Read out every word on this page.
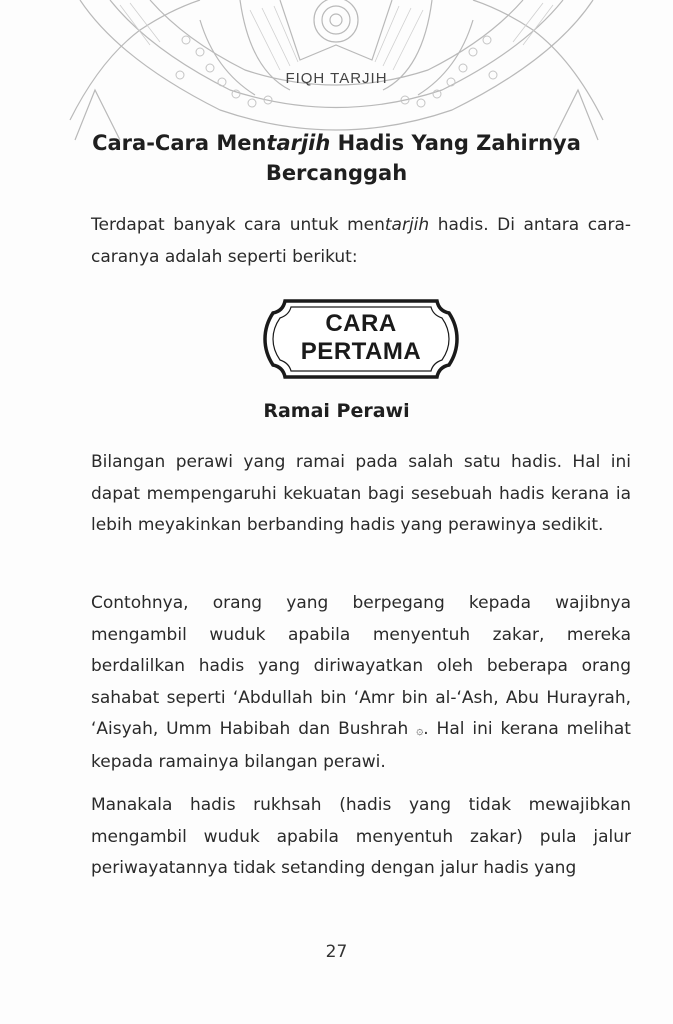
FIQH TARJIH
Cara-Cara Mentarjih Hadis Yang Zahirnya Bercanggah
Terdapat banyak cara untuk mentarjih hadis. Di antara cara-caranya adalah seperti berikut:
CARA
PERTAMA
Ramai Perawi
Bilangan perawi yang ramai pada salah satu hadis. Hal ini dapat mempengaruhi kekuatan bagi sesebuah hadis kerana ia lebih meyakinkan berbanding hadis yang perawinya sedikit.
Contohnya, orang yang berpegang kepada wajibnya mengambil wuduk apabila menyentuh zakar, mereka berdalilkan hadis yang diriwayatkan oleh beberapa orang sahabat seperti ‘Abdullah bin ‘Amr bin al-‘Ash, Abu Hurayrah, ‘Aisyah, Umm Habibah dan Bushrah ۞. Hal ini kerana melihat kepada ramainya bilangan perawi.
Manakala hadis rukhsah (hadis yang tidak mewajibkan mengambil wuduk apabila menyentuh zakar) pula jalur periwayatannya tidak setanding dengan jalur hadis yang
27
